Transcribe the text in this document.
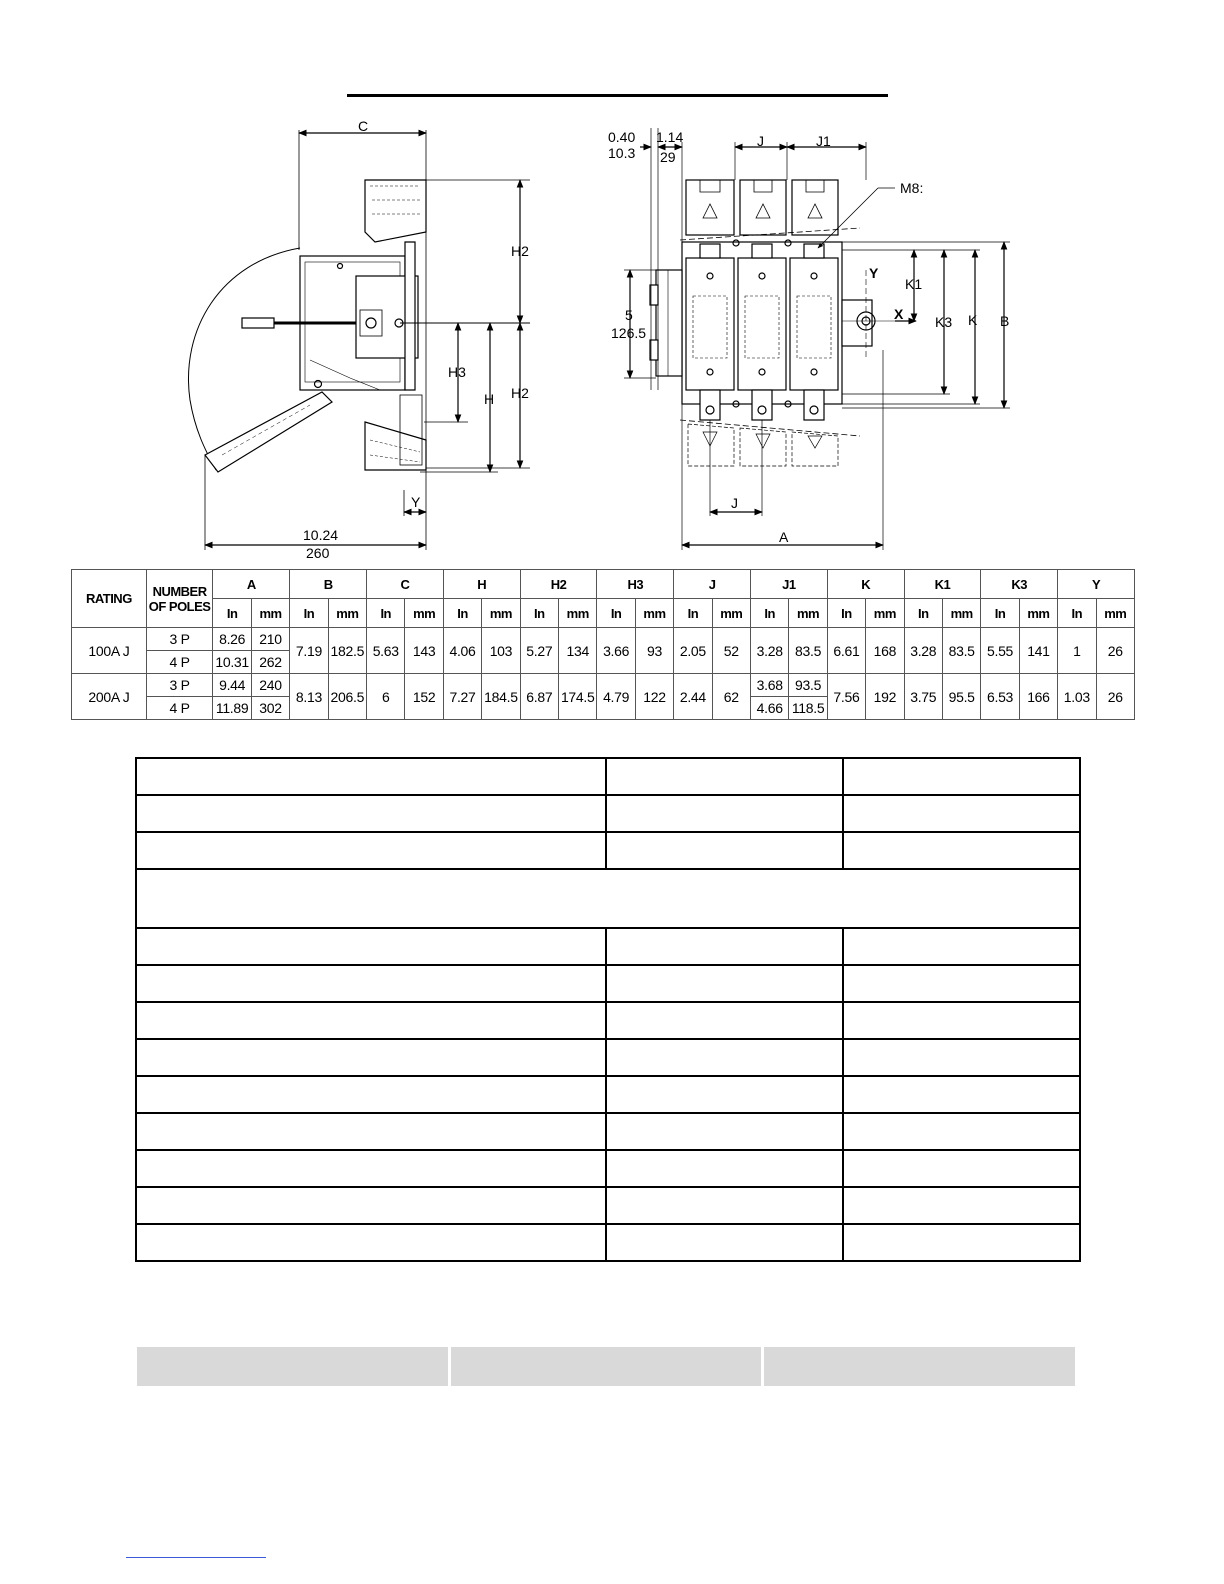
C
H2
H2
H3
H
Y
10.24
260
0.40
10.3
1.14
29
J	J1
M8:
Y
X
K1
K3 K B
5
126.5
J
A
RATING	NUMBER OF POLES	A		B		C		H		H2		H3		J		J1		K		K1		K3		Y	
		In	mm	In	mm	In	mm	In	mm	In	mm	In	mm	In	mm	In	mm	In	mm	In	mm	In	mm	In	mm
100A J	3 P	8.26	210	7.19	182.5	5.63	143	4.06	103	5.27	134	3.66	93	2.05	52	3.28	83.5	6.61	168	3.28	83.5	5.55	141	1	26
	4 P	10.31	262																						
200A J	3 P	9.44	240	8.13	206.5	6	152	7.27	184.5	6.87	174.5	4.79	122	2.44	62	3.68	93.5	7.56	192	3.75	95.5	6.53	166	1.03	26
	4 P	11.89	302													4.66	118.5								
